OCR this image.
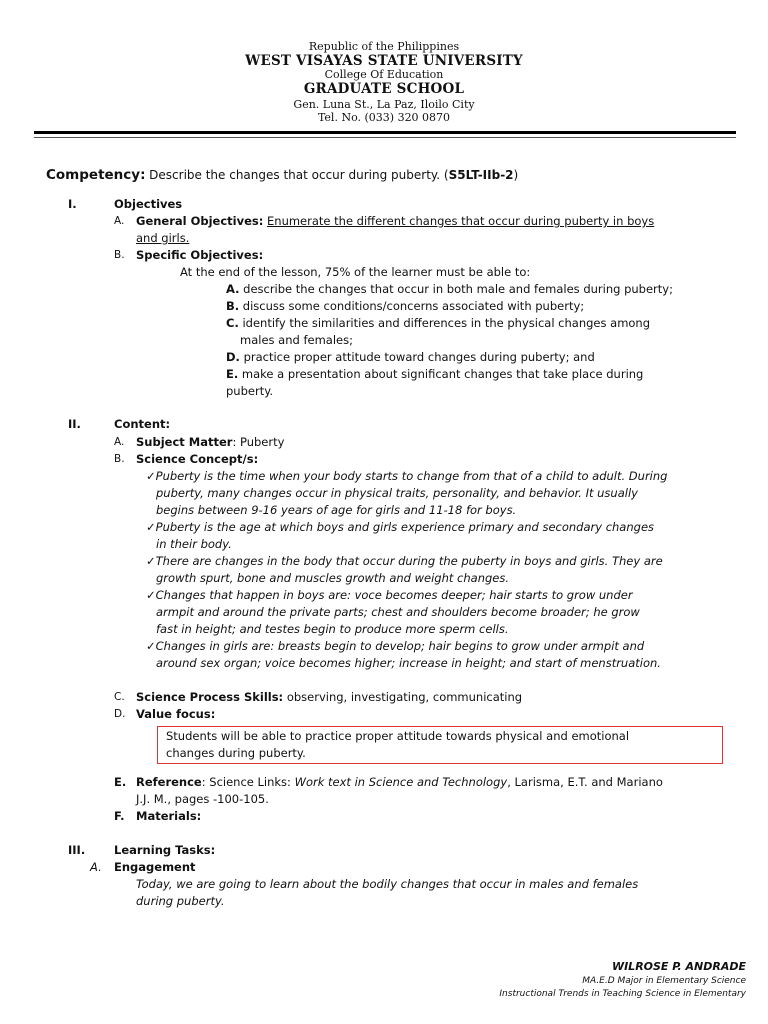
Republic of the Philippines
WEST VISAYAS STATE UNIVERSITY
College Of Education
GRADUATE SCHOOL
Gen. Luna St., La Paz, Iloilo City
Tel. No. (033) 320 0870
Competency: Describe the changes that occur during puberty. (S5LT-IIb-2)
I.	Objectives
A. General Objectives: Enumerate the different changes that occur during puberty in boys
and girls.
B. Specific Objectives:
At the end of the lesson, 75% of the learner must be able to:
A. describe the changes that occur in both male and females during puberty;
B. discuss some conditions/concerns associated with puberty;
C. identify the similarities and differences in the physical changes among
males and females;
D. practice proper attitude toward changes during puberty; and
E. make a presentation about significant changes that take place during
puberty.
II.	Content:
A. Subject Matter: Puberty
B. Science Concept/s:
✓Puberty is the time when your body starts to change from that of a child to adult. During
puberty, many changes occur in physical traits, personality, and behavior. It usually
begins between 9-16 years of age for girls and 11-18 for boys.
✓Puberty is the age at which boys and girls experience primary and secondary changes
in their body.
✓There are changes in the body that occur during the puberty in boys and girls. They are
growth spurt, bone and muscles growth and weight changes.
✓Changes that happen in boys are: voce becomes deeper; hair starts to grow under
armpit and around the private parts; chest and shoulders become broader; he grow
fast in height; and testes begin to produce more sperm cells.
✓Changes in girls are: breasts begin to develop; hair begins to grow under armpit and
around sex organ; voice becomes higher; increase in height; and start of menstruation.
C. Science Process Skills: observing, investigating, communicating
D. Value focus:
Students will be able to practice proper attitude towards physical and emotional
changes during puberty.
E. Reference: Science Links: Work text in Science and Technology, Larisma, E.T. and Mariano
J.J. M., pages -100-105.
F. Materials:
III.	Learning Tasks:
A. Engagement
Today, we are going to learn about the bodily changes that occur in males and females
during puberty.
WILROSE P. ANDRADE
MA.E.D Major in Elementary Science
Instructional Trends in Teaching Science in Elementary
